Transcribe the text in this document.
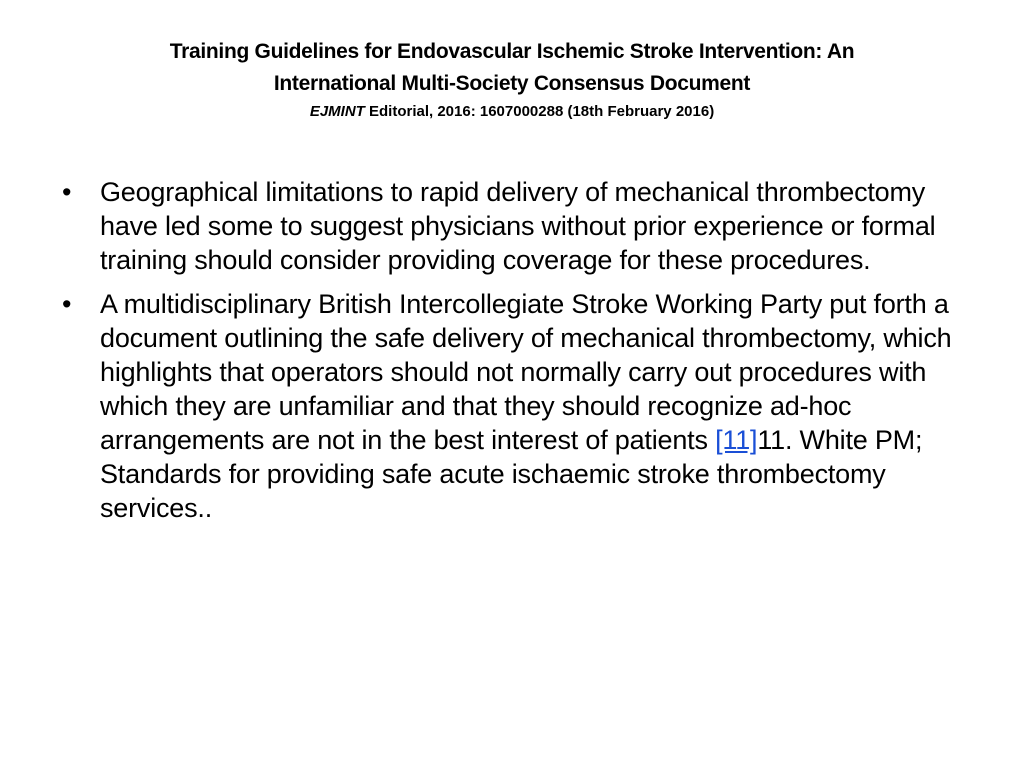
Training Guidelines for Endovascular Ischemic Stroke Intervention: An
International Multi-Society Consensus Document
EJMINT Editorial, 2016: 1607000288 (18th February 2016)
•	Geographical limitations to rapid delivery of mechanical thrombectomy have led some to suggest physicians without prior experience or formal training should consider providing coverage for these procedures.
•	A multidisciplinary British Intercollegiate Stroke Working Party put forth a document outlining the safe delivery of mechanical thrombectomy, which highlights that operators should not normally carry out procedures with which they are unfamiliar and that they should recognize ad-hoc arrangements are not in the best interest of patients [11]11. White PM; Standards for providing safe acute ischaemic stroke thrombectomy services..
